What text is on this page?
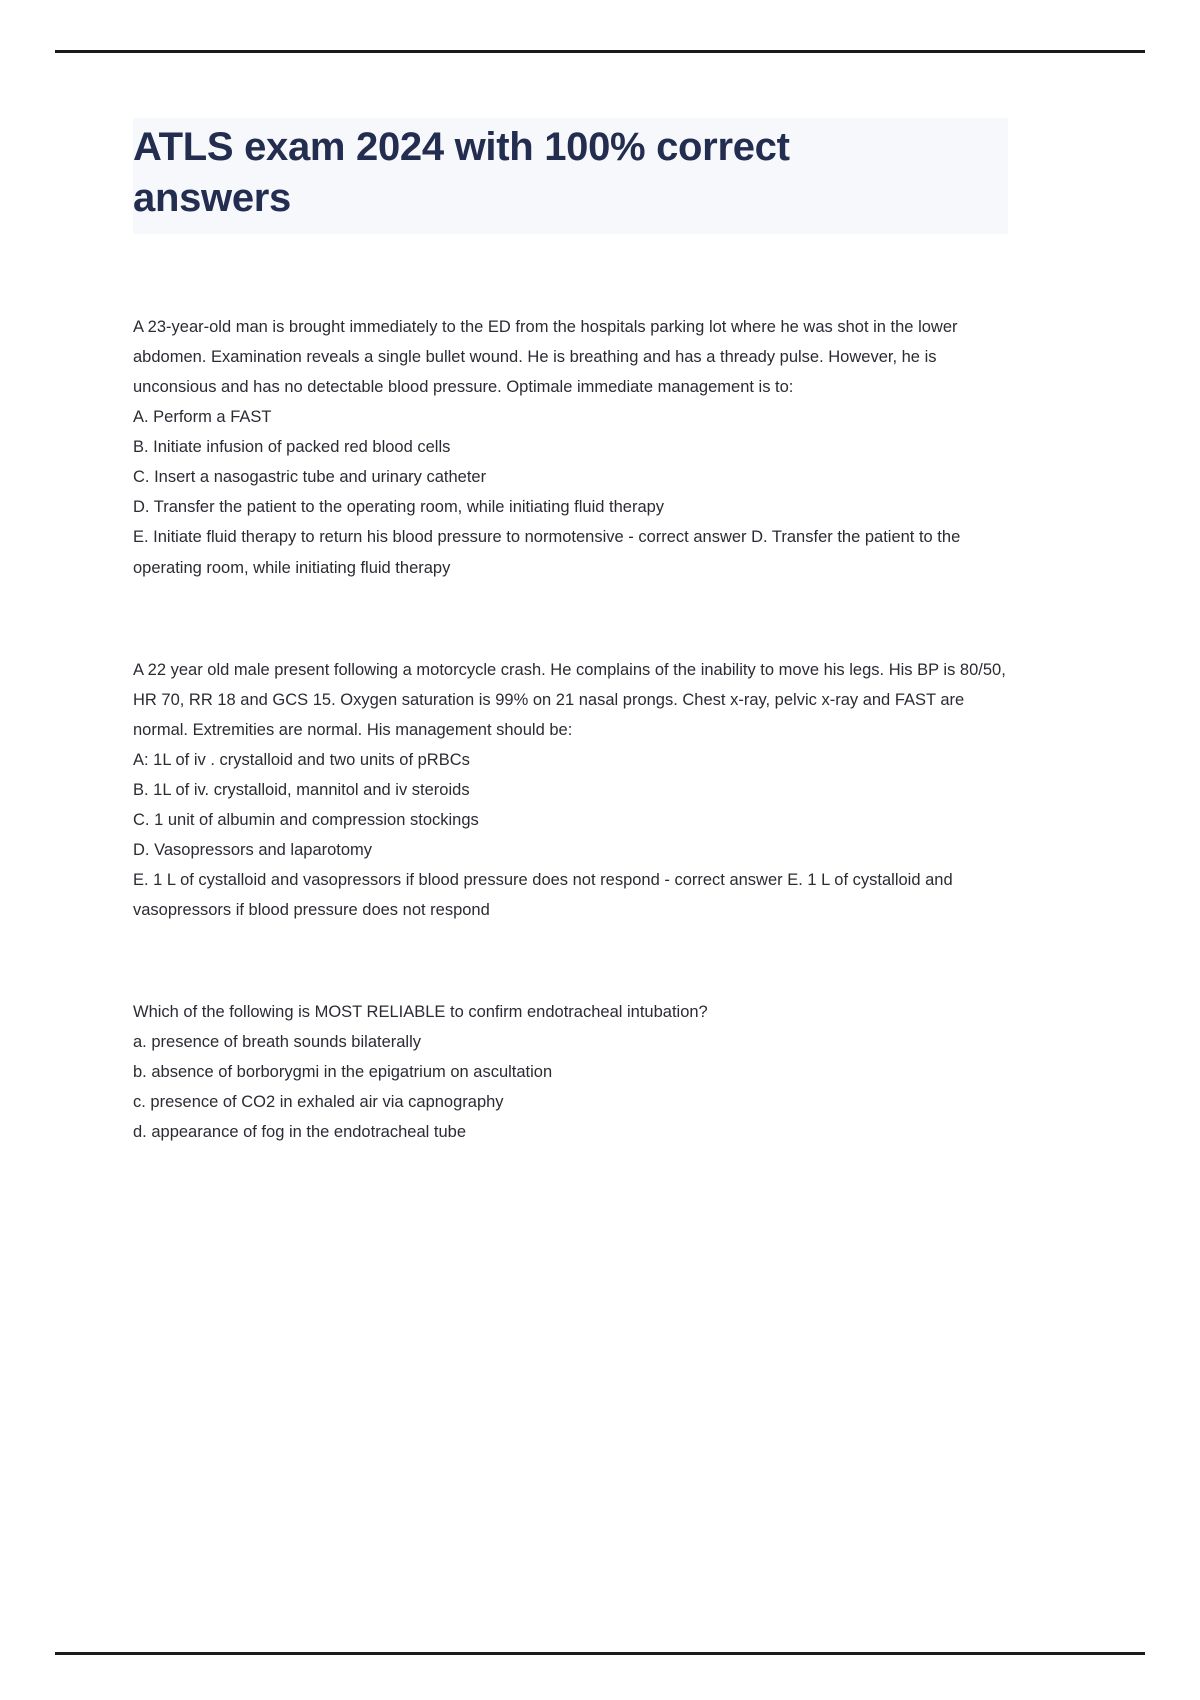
ATLS exam 2024 with 100% correct answers

A 23-year-old man is brought immediately to the ED from the hospitals parking lot where he was shot in the lower abdomen. Examination reveals a single bullet wound. He is breathing and has a thready pulse. However, he is unconsious and has no detectable blood pressure. Optimale immediate management is to:

A. Perform a FAST

B. Initiate infusion of packed red blood cells

C. Insert a nasogastric tube and urinary catheter

D. Transfer the patient to the operating room, while initiating fluid therapy

E. Initiate fluid therapy to return his blood pressure to normotensive - correct answer D. Transfer the patient to the operating room, while initiating fluid therapy

A 22 year old male present following a motorcycle crash. He complains of the inability to move his legs. His BP is 80/50, HR 70, RR 18 and GCS 15. Oxygen saturation is 99% on 21 nasal prongs. Chest x-ray, pelvic x-ray and FAST are normal. Extremities are normal. His management should be:

A: 1L of iv . crystalloid and two units of pRBCs

B. 1L of iv. crystalloid, mannitol and iv steroids

C. 1 unit of albumin and compression stockings

D. Vasopressors and laparotomy

E. 1 L of cystalloid and vasopressors if blood pressure does not respond - correct answer E. 1 L of cystalloid and vasopressors if blood pressure does not respond

Which of the following is MOST RELIABLE to confirm endotracheal intubation?

a. presence of breath sounds bilaterally

b. absence of borborygmi in the epigatrium on ascultation

c. presence of CO2 in exhaled air via capnography

d. appearance of fog in the endotracheal tube
